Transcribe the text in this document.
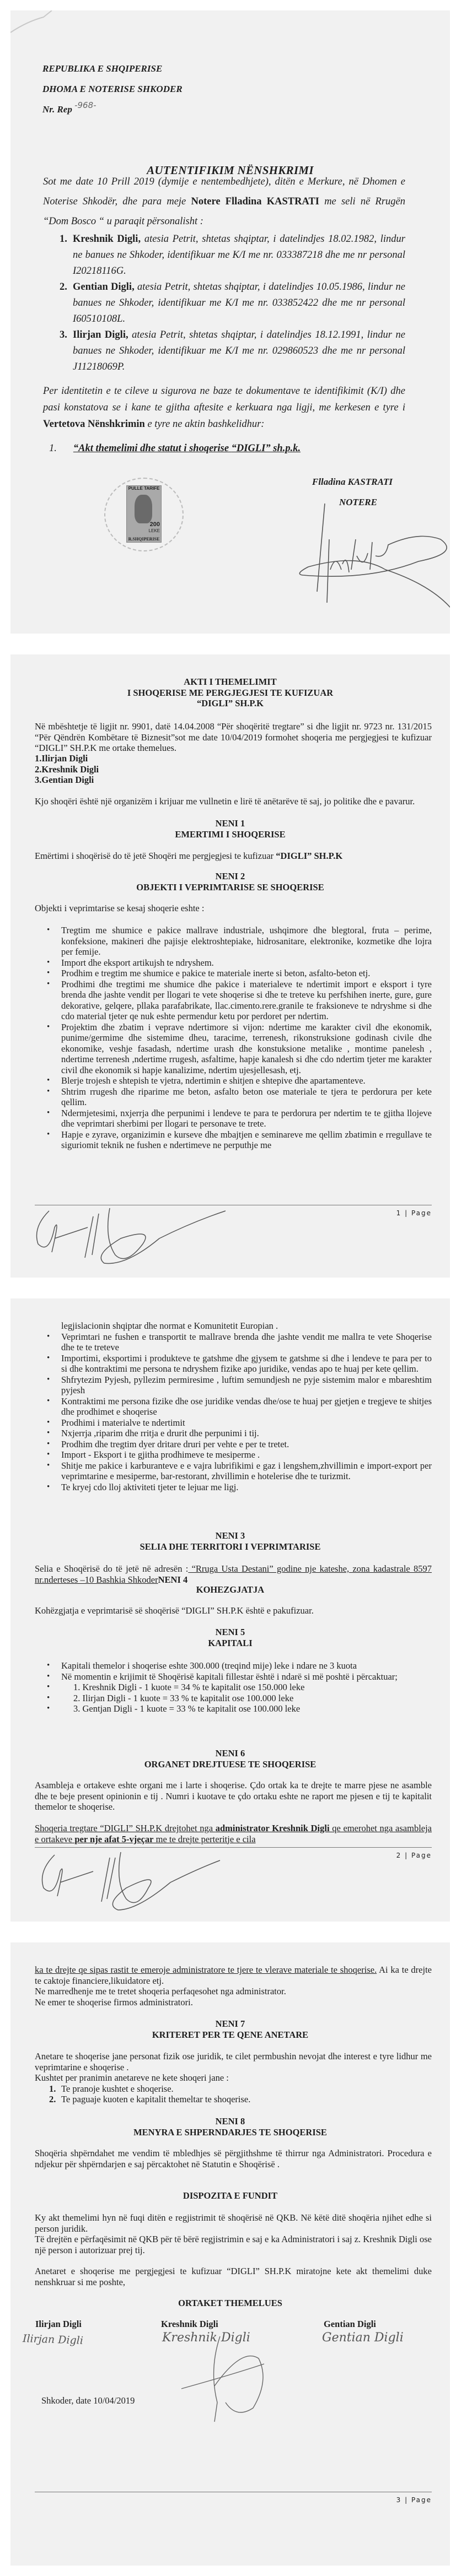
REPUBLIKA E SHQIPERISE
DHOMA E NOTERISE SHKODER
Nr. Rep -968-
AUTENTIFIKIM NËNSHKRIMI
Sot me date 10 Prill 2019 (dymije e nentembedhjete), ditën e Merkure, në Dhomen e Noterise Shkodër, dhe para meje Notere Flladina KASTRATI me seli në Rrugën “Dom Bosco “ u paraqit përsonalisht :
1. Kreshnik Digli, atesia Petrit, shtetas shqiptar, i datelindjes 18.02.1982, lindur ne banues ne Shkoder, identifikuar me K/I me nr. 033387218 dhe me nr personal I20218116G.
2. Gentian Digli, atesia Petrit, shtetas shqiptar, i datelindjes 10.05.1986, lindur ne banues ne Shkoder, identifikuar me K/I me nr. 033852422 dhe me nr personal I60510108L.
3. Ilirjan Digli, atesia Petrit, shtetas shqiptar, i datelindjes 18.12.1991, lindur ne banues ne Shkoder, identifikuar me K/I me nr. 029860523 dhe me nr personal J11218069P.
Per identitetin e te cileve u sigurova ne baze te dokumentave te identifikimit (K/I) dhe pasi konstatova se i kane te gjitha aftesite e kerkuara nga ligji, me kerkesen e tyre i Vertetova Nënshkrimin e tyre ne aktin bashkelidhur:
1. “Akt themelimi dhe statut i shoqerise “DIGLI” sh.p.k.
PULLE TARIFE
200
LEKE
R.SHQIPERISE
Flladina KASTRATI
NOTERE
AKTI I THEMELIMIT
I SHOQERISE ME PERGJEGJESI TE KUFIZUAR
“DIGLI” SH.P.K
Në mbështetje të ligjit nr. 9901, datë 14.04.2008 “Për shoqëritë tregtare” si dhe ligjit nr. 9723 nr. 131/2015 “Për Qëndrën Kombëtare të Biznesit”sot me date 10/04/2019 formohet shoqeria me pergjegjesi te kufizuar “DIGLI” SH.P.K me ortake themelues.
1.Ilirjan Digli
2.Kreshnik Digli
3.Gentian Digli
Kjo shoqëri është një organizëm i krijuar me vullnetin e lirë të anëtarëve të saj, jo politike dhe e pavarur.
NENI 1
EMERTIMI I SHOQERISE
Emërtimi i shoqërisë do të jetë Shoqëri me pergjegjesi te kufizuar “DIGLI” SH.P.K
NENI 2
OBJEKTI I VEPRIMTARISE SE SHOQERISE
Objekti i veprimtarise se kesaj shoqerie eshte :
• Tregtim me shumice e pakice mallrave industriale, ushqimore dhe blegtoral, fruta – perime, konfeksione, makineri dhe pajisje elektroshtepiake, hidrosanitare, elektronike, kozmetike dhe lojra per femije.
• Import dhe eksport artikujsh te ndryshem.
• Prodhim e tregtim me shumice e pakice te materiale inerte si beton, asfalto-beton etj.
• Prodhimi dhe tregtimi me shumice dhe pakice i materialeve te ndertimit import e eksport i tyre brenda dhe jashte vendit per llogari te vete shoqerise si dhe te treteve ku perfshihen inerte, gure, gure dekorative, gelqere, pllaka parafabrikate, llac.cimento.rere.granile te fraksioneve te ndryshme si dhe cdo material tjeter qe nuk eshte permendur ketu por perdoret per ndertim.
• Projektim dhe zbatim i veprave ndertimore si vijon: ndertime me karakter civil dhe ekonomik, punime/germime dhe sistemime dheu, taracime, terrenesh, rikonstruksione godinash civile dhe ekonomike, veshje fasadash, ndertime urash dhe konstuksione metalike , montime panelesh , ndertime terrenesh ,ndertime rrugesh, asfaltime, hapje kanalesh si dhe cdo ndertim tjeter me karakter civil dhe ekonomik si hapje kanalizime, ndertim ujesjellesash, etj.
• Blerje trojesh e shtepish te vjetra, ndertimin e shitjen e shtepive dhe apartamenteve.
• Shtrim rrugesh dhe riparime me beton, asfalto beton ose materiale te tjera te perdorura per kete qellim.
• Ndermjetesimi, nxjerrja dhe perpunimi i lendeve te para te perdorura per ndertim te te gjitha llojeve dhe veprimtari sherbimi per llogari te personave te trete.
• Hapje e zyrave, organizimin e kurseve dhe mbajtjen e seminareve me qellim zbatimin e rregullave te siguriomit teknik ne fushen e ndertimeve ne perputhje me
1 | Page
legjislacionin shqiptar dhe normat e Komunitetit Europian .
• Veprimtari ne fushen e transportit te mallrave brenda dhe jashte vendit me mallra te vete Shoqerise dhe te te treteve
• Importimi, eksportimi i produkteve te gatshme dhe gjysem te gatshme si dhe i lendeve te para per to si dhe kontraktimi me persona te ndryshem fizike apo juridike, vendas apo te huaj per kete qellim.
• Shfrytezim Pyjesh, pyllezim permiresime , luftim semundjesh ne pyje sistemim malor e mbareshtim pyjesh
• Kontraktimi me persona fizike dhe ose juridike vendas dhe/ose te huaj per gjetjen e tregjeve te shitjes dhe prodhimet e shoqerise
• Prodhimi i materialve te ndertimit
• Nxjerrja ,riparim dhe rritja e drurit dhe perpunimi i tij.
• Prodhim dhe tregtim dyer dritare druri per vehte e per te tretet.
• Import - Eksport i te gjitha prodhimeve te mesiperme .
• Shitje me pakice i karburanteve e e vajra lubrifikimi e gaz i lengshem,zhvillimin e import-export per veprimtarine e mesiperme, bar-restorant, zhvillimin e hotelerise dhe te turizmit.
• Te kryej cdo lloj aktiviteti tjeter te lejuar me ligj.
NENI 3
SELIA DHE TERRITORI I VEPRIMTARISE
Selia e Shoqërisë do të jetë në adresën : “Rruga Usta Destani” godine nje kateshe, zona kadastrale 8597 nr.nderteses –10 Bashkia ShkoderNENI 4
KOHEZGJATJA
Kohëzgjatja e veprimtarisë së shoqërisë “DIGLI” SH.P.K është e pakufizuar.
NENI 5
KAPITALI
• Kapitali themelor i shoqerise eshte 300.000 (treqind mije) leke i ndare ne 3 kuota
• Në momentin e krijimit të Shoqërisë kapitali fillestar është i ndarë si më poshtë i përcaktuar;
• 1. Kreshnik Digli - 1 kuote = 34 % te kapitalit ose 150.000 leke
• 2. Ilirjan Digli - 1 kuote = 33 % te kapitalit ose 100.000 leke
• 3. Gentjan Digli - 1 kuote = 33 % te kapitalit ose 100.000 leke
NENI 6
ORGANET DREJTUESE TE SHOQERISE
Asambleja e ortakeve eshte organi me i larte i shoqerise. Çdo ortak ka te drejte te marre pjese ne asamble dhe te beje present opinionin e tij . Numri i kuotave te çdo ortaku eshte ne raport me pjesen e tij te kapitalit themelor te shoqerise.
Shoqeria tregtare “DIGLI” SH.P.K drejtohet nga administrator Kreshnik Digli qe emerohet nga asambleja e ortakeve per nje afat 5-vjeçar me te drejte perteritje e cila
2 | Page
ka te drejte qe sipas rastit te emeroje administratore te tjere te vlerave materiale te shoqerise. Ai ka te drejte te caktoje financiere,likuidatore etj.
Ne marredhenje me te tretet shoqeria perfaqesohet nga administrator.
Ne emer te shoqerise firmos administratori.
NENI 7
KRITERET PER TE QENE ANETARE
Anetare te shoqerise jane personat fizik ose juridik, te cilet permbushin nevojat dhe interest e tyre lidhur me veprimtarine e shoqerise .
Kushtet per pranimin anetareve ne kete shoqeri jane :
1. Te pranoje kushtet e shoqerise.
2. Te paguaje kuoten e kapitalit themeltar te shoqerise.
NENI 8
MENYRA E SHPERNDARJES TE SHOQERISE
Shoqëria shpërndahet me vendim të mbledhjes së përgjithshme të thirrur nga Administratori. Procedura e ndjekur për shpërndarjen e saj përcaktohet në Statutin e Shoqërisë .
DISPOZITA E FUNDIT
Ky akt themelimi hyn në fuqi ditën e regjistrimit të shoqërisë në QKB. Në këtë ditë shoqëria njihet edhe si person juridik.
Të drejtën e përfaqësimit në QKB për të bërë regjistrimin e saj e ka Administratori i saj z. Kreshnik Digli ose një person i autorizuar prej tij.
Anetaret e shoqerise me pergjegjesi te kufizuar “DIGLI” SH.P.K miratojne kete akt themelimi duke nenshkruar si me poshte,
ORTAKET THEMELUES
Ilirjan Digli	Kreshnik Digli	Gentian Digli
Ilirjan Digli	Kreshnik Digli	Gentian Digli
Shkoder, date 10/04/2019
3 | Page
